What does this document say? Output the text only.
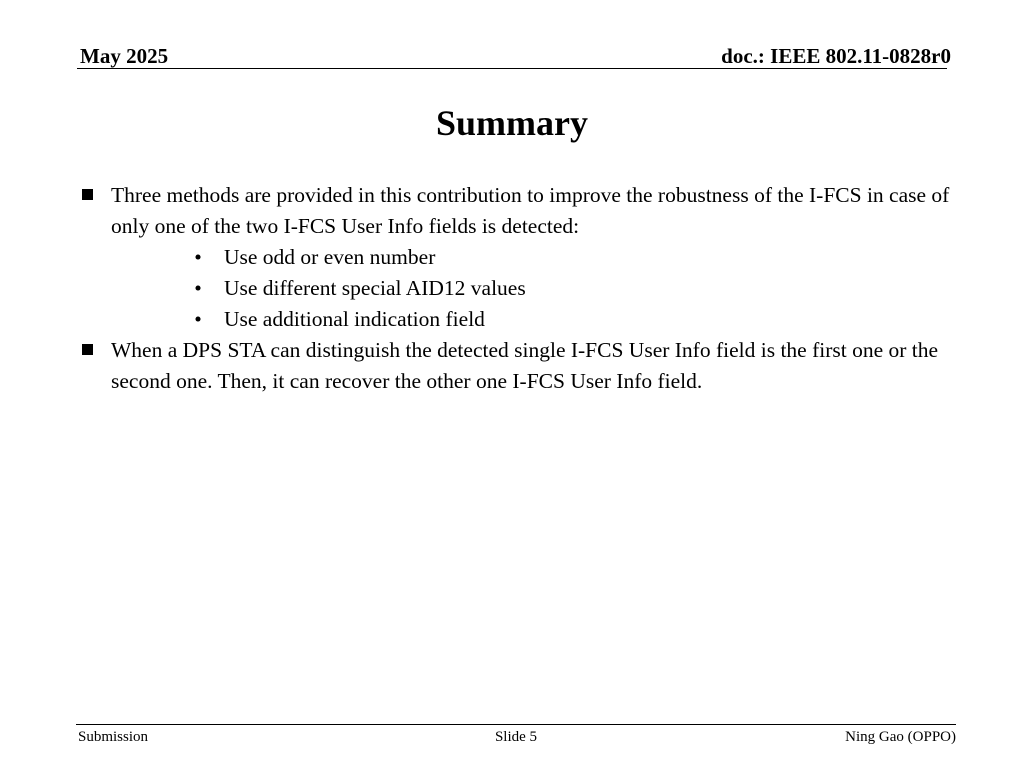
May 2025	doc.: IEEE 802.11-0828r0
Summary
Three methods are provided in this contribution to improve the robustness of the I-FCS in case of only one of the two I-FCS User Info fields is detected:
• Use odd or even number
• Use different special AID12 values
• Use additional indication field
When a DPS STA can distinguish the detected single I-FCS User Info field is the first one or the second one. Then, it can recover the other one I-FCS User Info field.
Submission	Slide 5	Ning Gao (OPPO)
